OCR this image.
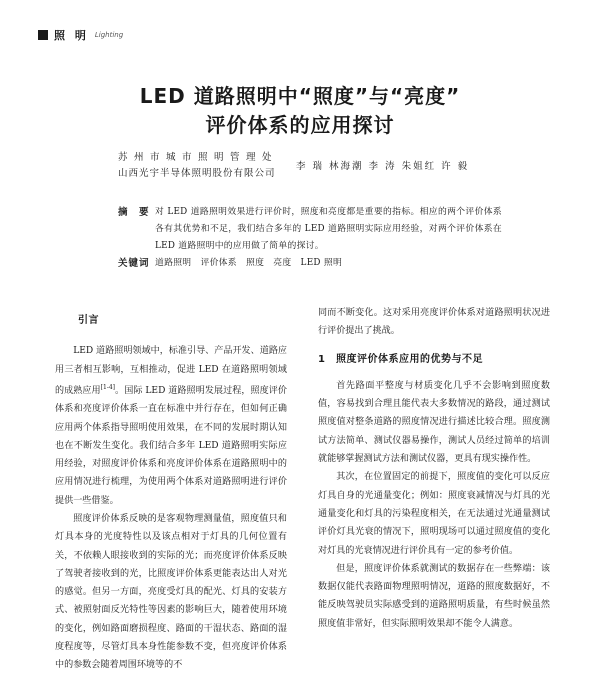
照 明 Lighting
LED 道路照明中“照度”与“亮度”
评价体系的应用探讨
苏州市城市照明管理处
山西光宇半导体照明股份有限公司
李 瑞 林海潮 李 涛 朱姐红 许 毅
摘　要 对 LED 道路照明效果进行评价时，照度和亮度都是重要的指标。相应的两个评价体系各有其优势和不足，我们结合多年的 LED 道路照明实际应用经验，对两个评价体系在 LED 道路照明中的应用做了简单的探讨。
关键词 道路照明　评价体系　照度　亮度　LED 照明
引言

LED 道路照明领域中，标准引导、产品开发、道路应用三者相互影响，互相推动，促进 LED 在道路照明领域的成熟应用[1-4]。国际 LED 道路照明发展过程，照度评价体系和亮度评价体系一直在标准中并行存在，但如何正确应用两个体系指导照明使用效果，在不同的发展时期认知也在不断发生变化。我们结合多年 LED 道路照明实际应用经验，对照度评价体系和亮度评价体系在道路照明中的应用情况进行梳理，为使用两个体系对道路照明进行评价提供一些借鉴。

照度评价体系反映的是客观物理测量值，照度值只和灯具本身的光度特性以及该点相对于灯具的几何位置有关，不依赖人眼接收到的实际的光；而亮度评价体系反映了驾驶者接收到的光，比照度评价体系更能表达出人对光的感觉。但另一方面，亮度受灯具的配光、灯具的安装方式、被照射面反光特性等因素的影响巨大，随着使用环境的变化，例如路面磨损程度、路面的干湿状态、路面的湿度程度等，尽管灯具本身性能参数不变，但亮度评价体系中的参数会随着周围环境等的不

同而不断变化。这对采用亮度评价体系对道路照明状况进行评价提出了挑战。

1　照度评价体系应用的优势与不足

首先路面平整度与材质变化几乎不会影响到照度数值，容易找到合理且能代表大多数情况的路段，通过测试照度值对整条道路的照度情况进行描述比较合理。照度测试方法简单、测试仪器易操作，测试人员经过简单的培训就能够掌握测试方法和测试仪器，更具有现实操作性。

其次，在位置固定的前提下，照度值的变化可以反应灯具自身的光通量变化；例如：照度衰减情况与灯具的光通量变化和灯具的污染程度相关，在无法通过光通量测试评价灯具光衰的情况下，照明现场可以通过照度值的变化对灯具的光衰情况进行评价具有一定的参考价值。

但是，照度评价体系就测试的数据存在一些弊端：该数据仅能代表路面物理照明情况，道路的照度数据好，不能反映驾驶员实际感受到的道路照明质量，有些时候虽然照度值非常好，但实际照明效果却不能令人满意。
